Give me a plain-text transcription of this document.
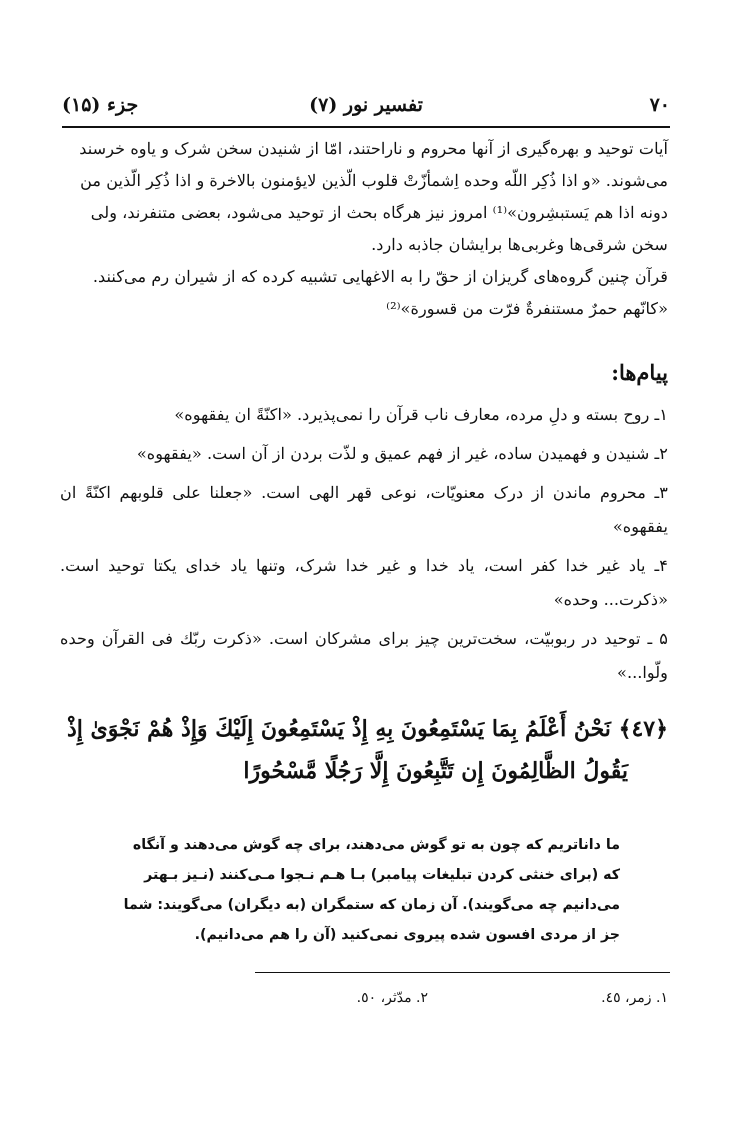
۷۰
تفسیر نور (۷)
جزء (۱۵)

آیات توحید و بهره‌گیری از آنها محروم و ناراحتند، امّا از شنیدن سخن شرک و یاوه خرسند

می‌شوند. «و اذا ذُکِر اللّه وحده اِشمأزّتْ قلوب الّذین لایؤمنون بالاخرة و اذا ذُکِر الّذین من

دونه اذا هم یَستبشِرون»⁽¹⁾ امروز نیز هرگاه بحث از توحید می‌شود، بعضی متنفرند، ولی

سخن شرقی‌ها وغربی‌ها برایشان جاذبه دارد.

قرآن چنین گروه‌های گریزان از حقّ را به الاغهایی تشبیه کرده که از شیران رم می‌کنند.

«کانّهم حمرٌ مستنفرةٌ فرّت من قسورة»⁽²⁾

پیام‌ها:
۱ـ روح بسته و دلِ مرده، معارف ناب قرآن را نمی‌پذیرد. «اکنّةً ان یفقهوه»
۲ـ شنیدن و فهمیدن ساده، غیر از فهم عمیق و لذّت بردن از آن است. «یفقهوه»
۳ـ محروم ماندن از درک معنویّات، نوعی قهر الهی است. «جعلنا علی قلوبهم اکنّةً ان یفقهوه»
۴ـ یاد غیر خدا کفر است، یاد خدا و غیر خدا شرک، وتنها یاد خدای یکتا توحید است. «ذکرت... وحده»
۵ ـ توحید در ربوبیّت، سخت‌ترین چیز برای مشرکان است. «ذکرت ربّك فی القرآن وحده ولّوا...»
﴿٤٧﴾ نَحْنُ أَعْلَمُ بِمَا يَسْتَمِعُونَ بِهِ إِذْ يَسْتَمِعُونَ إِلَيْكَ وَإِذْ هُمْ نَجْوَىٰ إِذْ
يَقُولُ الظَّالِمُونَ إِن تَتَّبِعُونَ إِلَّا رَجُلًا مَّسْحُورًا
ما داناتریم که چون به تو گوش می‌دهند، برای چه گوش می‌دهند و آنگاه
که (برای خنثی کردن تبلیغات پیامبر) بـا هـم نـجوا مـی‌کنند (نـیز بـهتر
می‌دانیم چه می‌گویند). آن زمان که ستمگران (به دیگران) می‌گویند: شما
جز از مردی افسون شده پیروی نمی‌کنید (آن را هم می‌دانیم).
۱. زمر، ٤٥.
۲. مدّثر، ٥٠.
